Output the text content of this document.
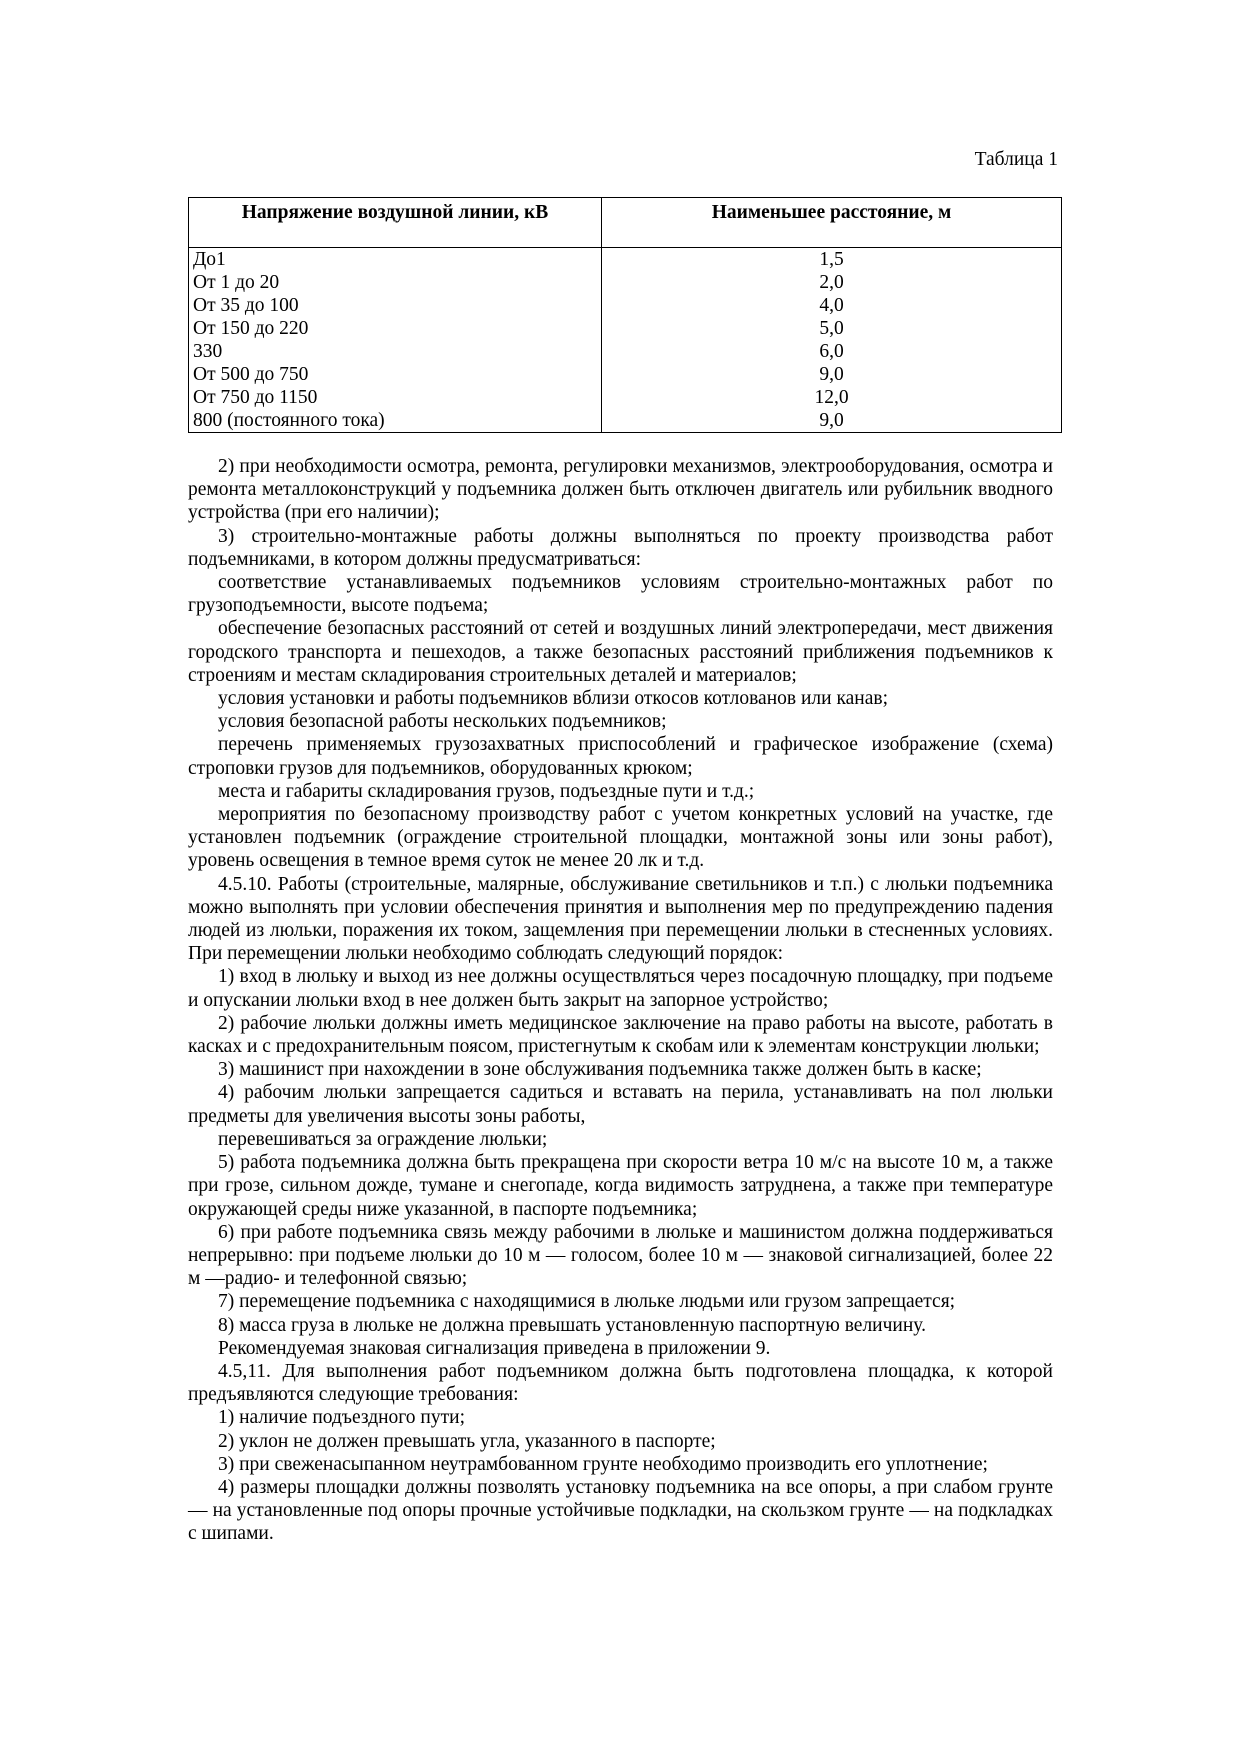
Таблица 1
Напряжение воздушной линии, кВ	Наименьшее расстояние, м
До1	1,5
От 1 до 20	2,0
От 35 до 100	4,0
От 150 до 220	5,0
330	6,0
От 500 до 750	9,0
От 750 до 1150	12,0
800 (постоянного тока)	9,0

2) при необходимости осмотра, ремонта, регулировки механизмов, электрооборудования, осмотра и ремонта металлоконструкций у подъемника должен быть отключен двигатель или рубильник вводного устройства (при его наличии);

3) строительно-монтажные работы должны выполняться по проекту производства работ подъемниками, в котором должны предусматриваться:

соответствие устанавливаемых подъемников условиям строительно-монтажных работ по грузоподъемности, высоте подъема;

обеспечение безопасных расстояний от сетей и воздушных линий электропередачи, мест движения городского транспорта и пешеходов, а также безопасных расстояний приближения подъемников к строениям и местам складирования строительных деталей и материалов;

условия установки и работы подъемников вблизи откосов котлованов или канав;

условия безопасной работы нескольких подъемников;

перечень применяемых грузозахватных приспособлений и графическое изображение (схема) строповки грузов для подъемников, оборудованных крюком;

места и габариты складирования грузов, подъездные пути и т.д.;

мероприятия по безопасному производству работ с учетом конкретных условий на участке, где установлен подъемник (ограждение строительной площадки, монтажной зоны или зоны работ), уровень освещения в темное время суток не менее 20 лк и т.д.

4.5.10. Работы (строительные, малярные, обслуживание светильников и т.п.) с люльки подъемника можно выполнять при условии обеспечения принятия и выполнения мер по предупреждению падения людей из люльки, поражения их током, защемления при перемещении люльки в стесненных условиях. При перемещении люльки необходимо соблюдать следующий порядок:

1) вход в люльку и выход из нее должны осуществляться через посадочную площадку, при подъеме и опускании люльки вход в нее должен быть закрыт на запорное устройство;

2) рабочие люльки должны иметь медицинское заключение на право работы на высоте, работать в касках и с предохранительным поясом, пристегнутым к скобам или к элементам конструкции люльки;

3) машинист при нахождении в зоне обслуживания подъемника также должен быть в каске;

4) рабочим люльки запрещается садиться и вставать на перила, устанавливать на пол люльки предметы для увеличения высоты зоны работы,

перевешиваться за ограждение люльки;

5) работа подъемника должна быть прекращена при скорости ветра 10 м/с на высоте 10 м, а также при грозе, сильном дожде, тумане и снегопаде, когда видимость затруднена, а также при температуре окружающей среды ниже указанной, в паспорте подъемника;

6) при работе подъемника связь между рабочими в люльке и машинистом должна поддерживаться непрерывно: при подъеме люльки до 10 м — голосом, более 10 м — знаковой сигнализацией, более 22 м —радио- и телефонной связью;

7) перемещение подъемника с находящимися в люльке людьми или грузом запрещается;

8) масса груза в люльке не должна превышать установленную паспортную величину.

Рекомендуемая знаковая сигнализация приведена в приложении 9.

4.5,11. Для выполнения работ подъемником должна быть подготовлена площадка, к которой предъявляются следующие требования:

1) наличие подъездного пути;

2) уклон не должен превышать угла, указанного в паспорте;

3) при свеженасыпанном неутрамбованном грунте необходимо производить его уплотнение;

4) размеры площадки должны позволять установку подъемника на все опоры, а при слабом грунте — на установленные под опоры прочные устойчивые подкладки, на скользком грунте — на подкладках с шипами.
